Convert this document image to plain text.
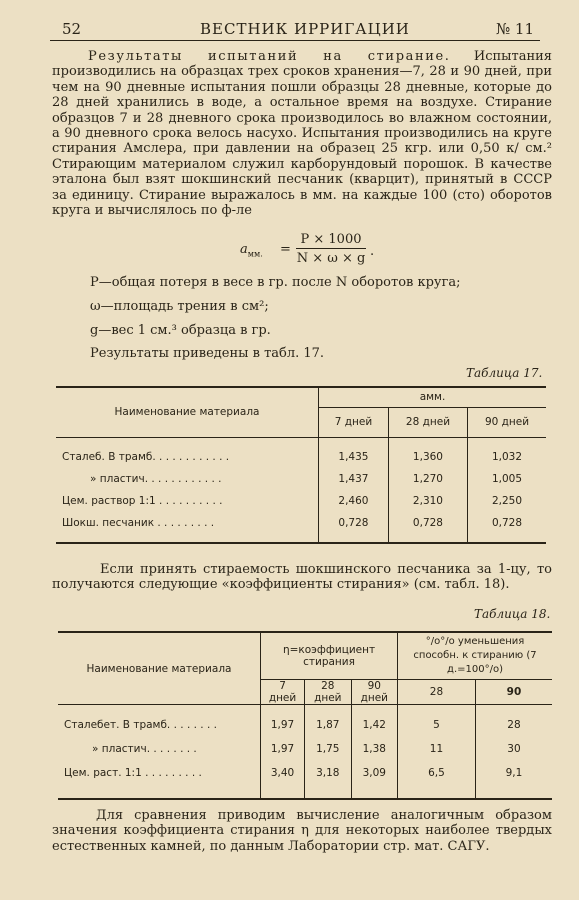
52	ВЕСТНИК ИРРИГАЦИИ	№ 11

Результаты испытаний на стирание. Испытания производились на образцах трех сроков хранения—7, 28 и 90 дней, при чем на 90 дневные испытания пошли образцы 28 дневные, которые до 28 дней хранились в воде, а остальное время на воздухе. Стирание образцов 7 и 28 дневного срока производилось во влажном состоянии, а 90 дневного срока велось насухо. Испытания производились на круге стирания Амслера, при давлении на образец 25 кгр. или 0,50 к/ см.² Стирающим материалом служил карборундовый порошок. В качестве эталона был взят шокшинский песчаник (кварцит), принятый в СССР за единицу. Стирание выражалось в мм. на каждые 100 (сто) оборотов круга и вычислялось по ф-ле

$a_{мм.}$ =
P × 1000
N × ω × g .

P—общая потеря в весе в гр. после N оборотов круга;

ω—площадь трения в см²;

g—вес 1 см.³ образца в гр.

Результаты приведены в табл. 17.

Таблица 17.
Наименование материала	aмм.		
	7 дней	28 дней	90 дней

Сталеб. В трамб. . . . . . . . . . . .	1,435	1,360	1,032
» пластич. . . . . . . . . . . .	1,437	1,270	1,005
Цем. раствор 1:1 . . . . . . . . . .	2,460	2,310	2,250
Шокш. песчаник . . . . . . . . .	0,728	0,728	0,728

Если принять стираемость шокшинского песчаника за 1-цу, то получаются следующие «коэффициенты стирания» (см. табл. 18).

Таблица 18.
Наименование материала	η=коэффициент стирания			°/о°/о уменьшения способн. к стиранию (7 д.=100°/о)	
	7 дней	28 дней	90 дней	28	90

Сталебет. В трамб. . . . . . . .	1,97	1,87	1,42	5	28
» пластич. . . . . . . .	1,97	1,75	1,38	11	30
Цем. раст. 1:1 . . . . . . . . .	3,40	3,18	3,09	6,5	9,1

Для сравнения приводим вычисление аналогичным образом значения коэффициента стирания η для некоторых наиболее твердых естественных камней, по данным Лаборатории стр. мат. САГУ.
